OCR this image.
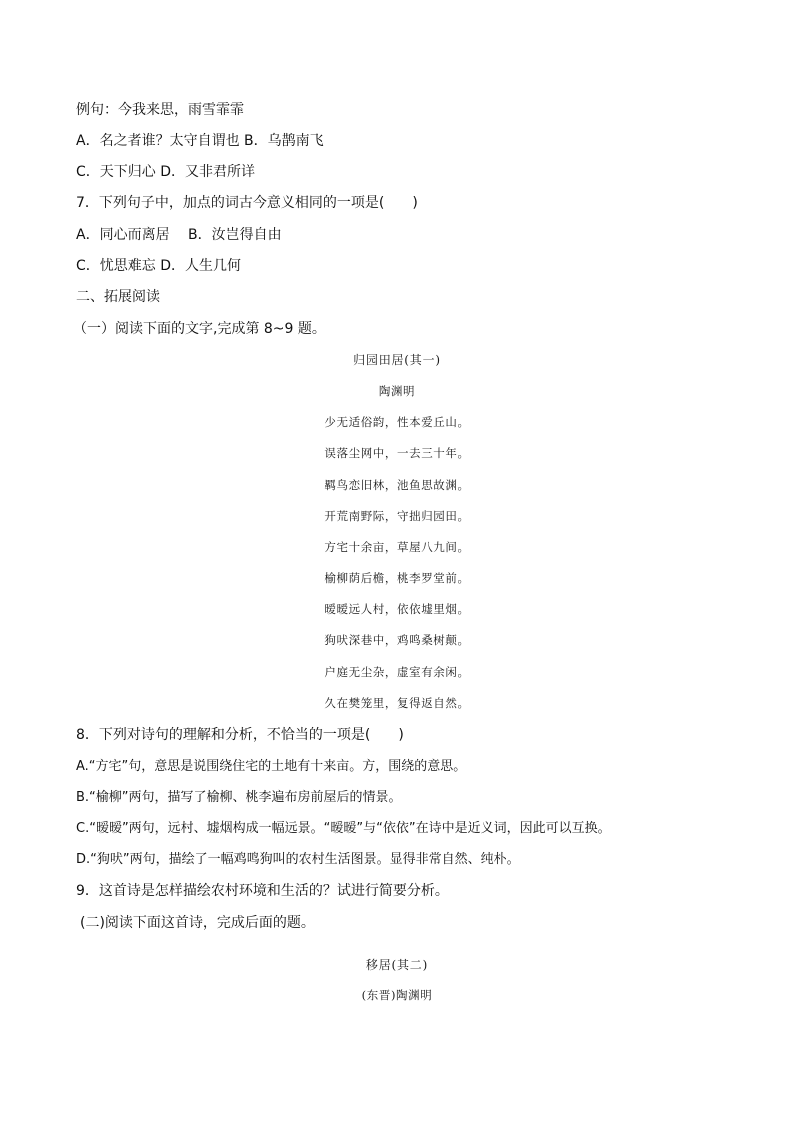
例句：今我来思，雨雪霏霏
A．名之者谁？太守自谓也 B．乌鹊南飞
C．天下归心 D．又非君所详
7．下列句子中，加点的词古今意义相同的一项是(　　)
A．同心而离居　 B．汝岂得自由
C．忧思难忘 D．人生几何
二、拓展阅读
（一）阅读下面的文字,完成第 8~9 题。
归园田居(其一)
陶渊明
少无适俗韵，性本爱丘山。
误落尘网中，一去三十年。
羁鸟恋旧林，池鱼思故渊。
开荒南野际，守拙归园田。
方宅十余亩，草屋八九间。
榆柳荫后檐，桃李罗堂前。
暧暧远人村，依依墟里烟。
狗吠深巷中，鸡鸣桑树颠。
户庭无尘杂，虚室有余闲。
久在樊笼里，复得返自然。
8．下列对诗句的理解和分析，不恰当的一项是(　　)
A.“方宅”句，意思是说围绕住宅的土地有十来亩。方，围绕的意思。
B.“榆柳”两句，描写了榆柳、桃李遍布房前屋后的情景。
C.“暧暧”两句，远村、墟烟构成一幅远景。“暧暧”与“依依”在诗中是近义词，因此可以互换。
D.“狗吠”两句，描绘了一幅鸡鸣狗叫的农村生活图景。显得非常自然、纯朴。
9．这首诗是怎样描绘农村环境和生活的？试进行简要分析。
(二)阅读下面这首诗，完成后面的题。
移居(其二)
(东晋)陶渊明
